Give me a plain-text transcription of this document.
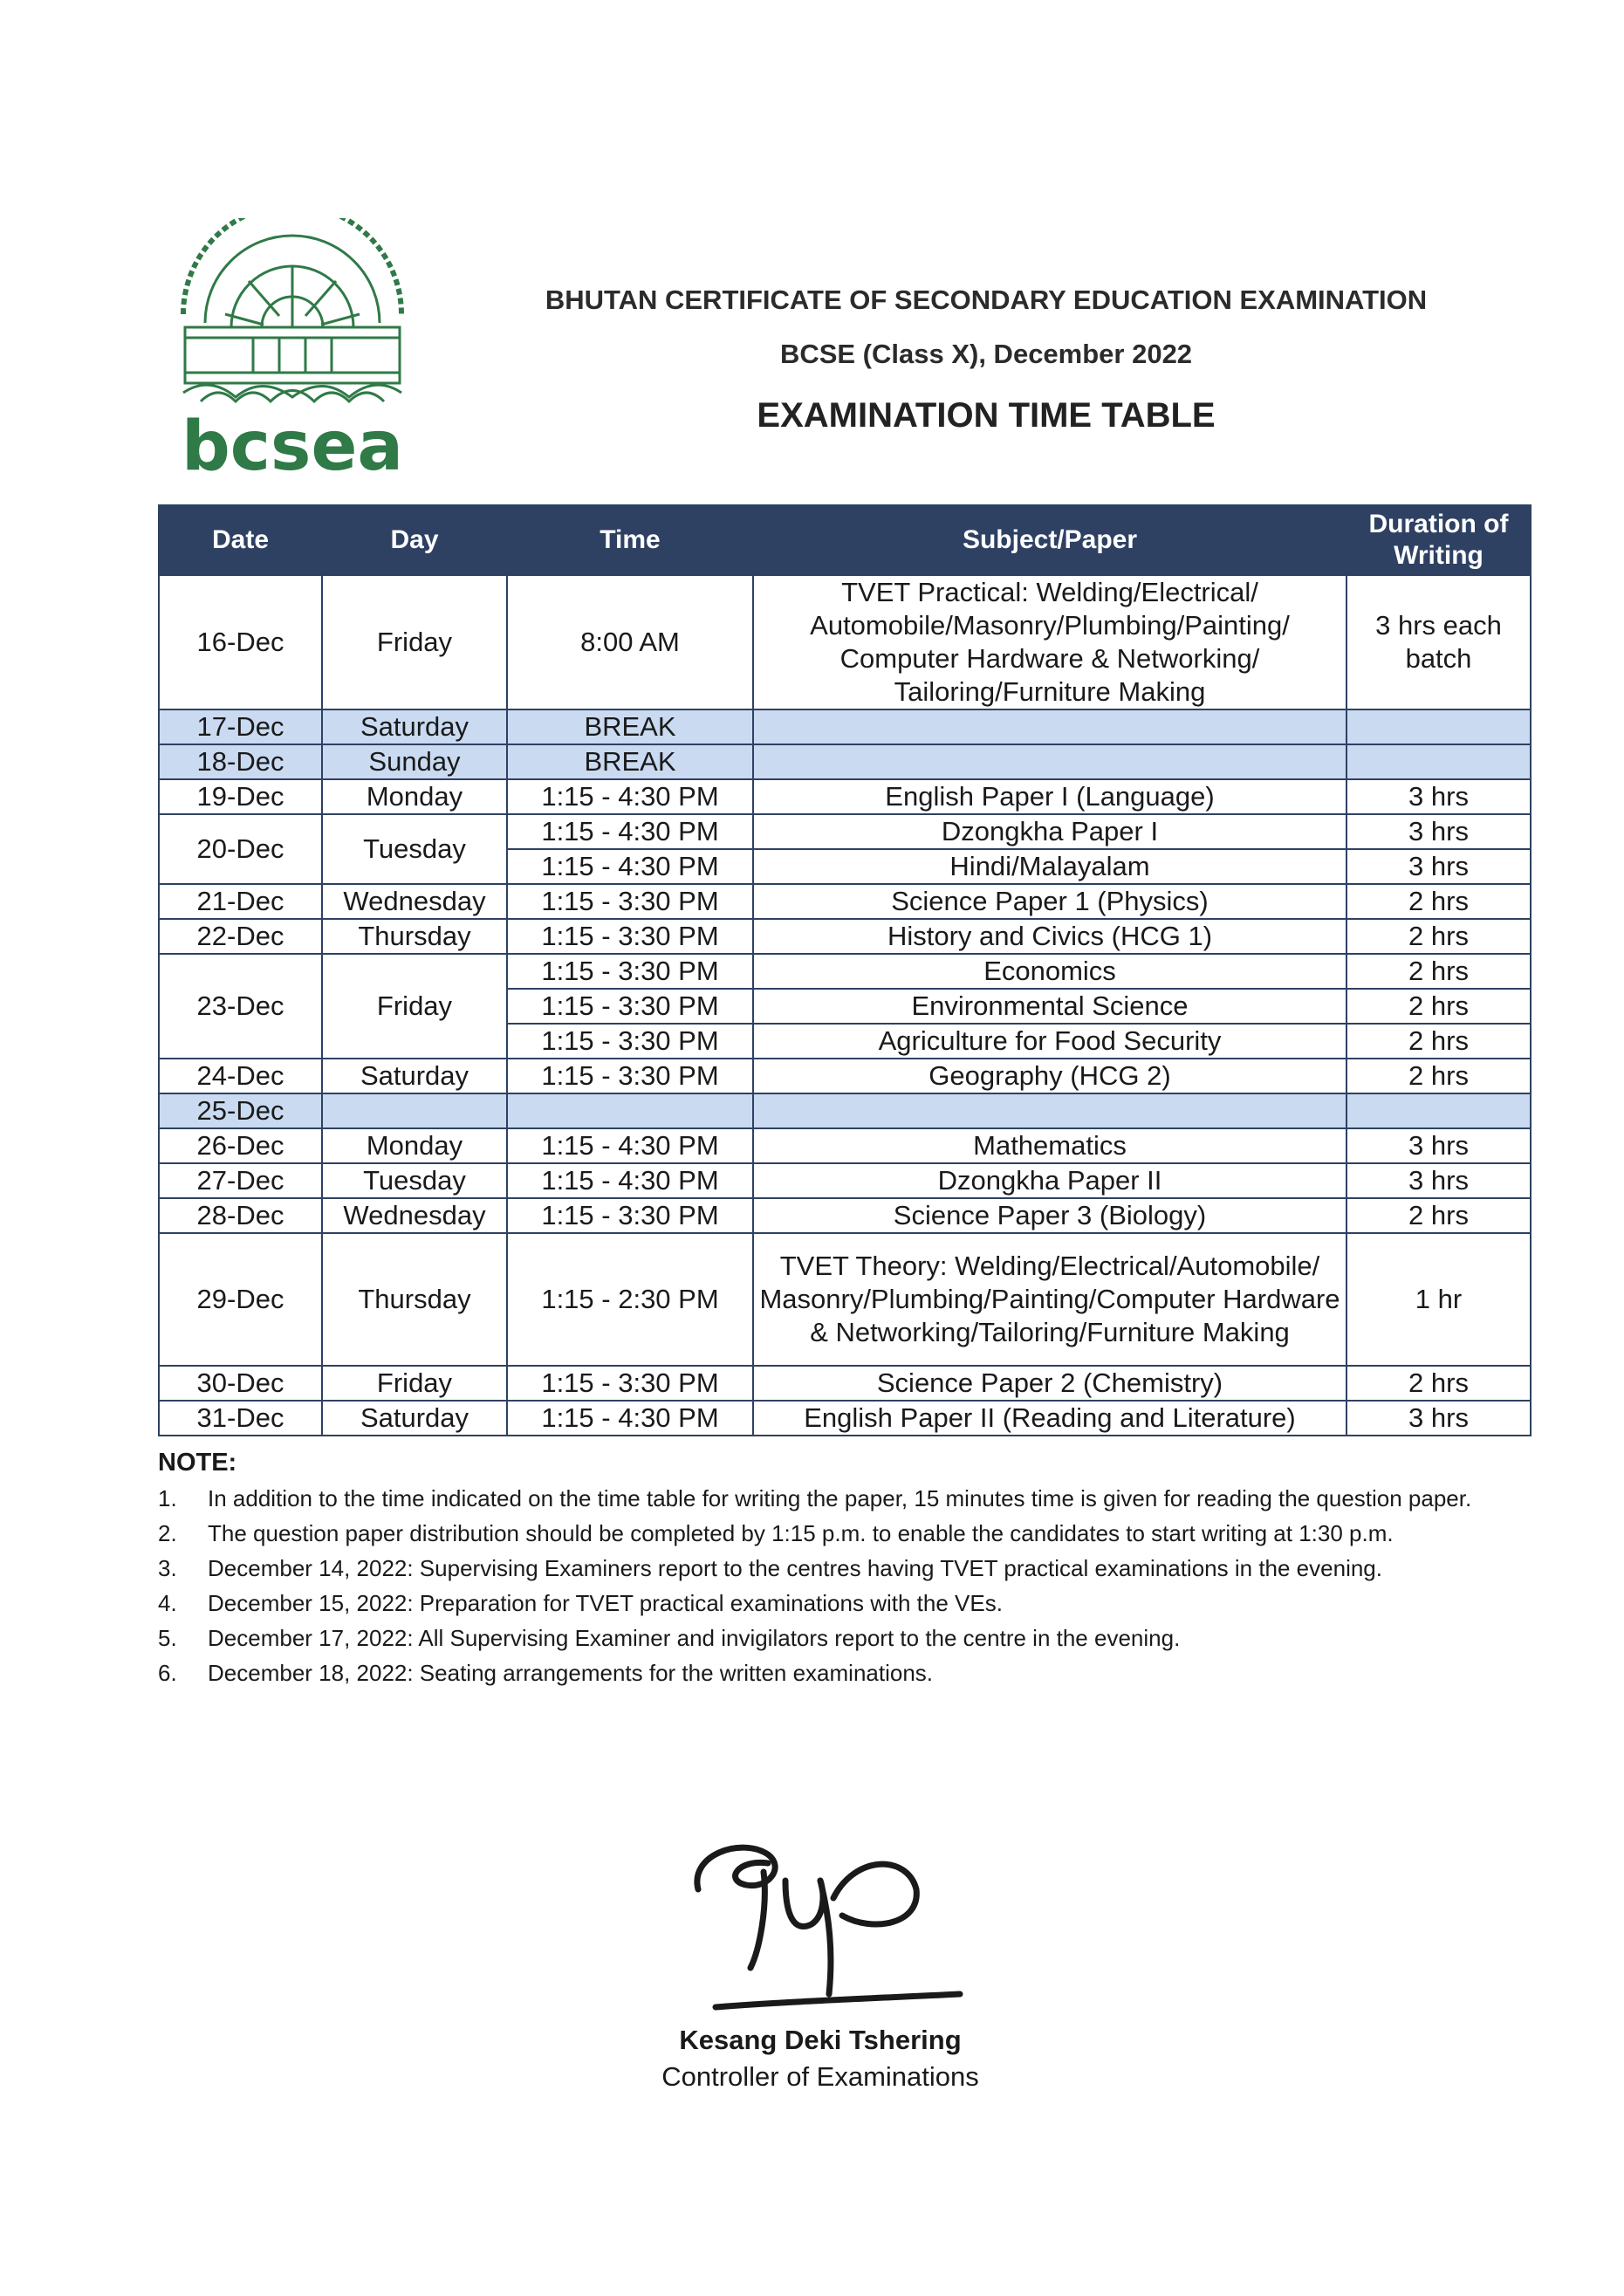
bcsea
BHUTAN CERTIFICATE OF SECONDARY EDUCATION EXAMINATION
BCSE (Class X), December 2022
EXAMINATION TIME TABLE
Date	Day	Time	Subject/Paper	Duration of Writing
16-Dec	Friday	8:00 AM	TVET Practical: Welding/Electrical/ Automobile/Masonry/Plumbing/Painting/ Computer Hardware & Networking/ Tailoring/Furniture Making	3 hrs each batch
17-Dec	Saturday	BREAK		
18-Dec	Sunday	BREAK		
19-Dec	Monday	1:15 - 4:30 PM	English Paper I (Language)	3 hrs
20-Dec	Tuesday	1:15 - 4:30 PM	Dzongkha Paper I	3 hrs
		1:15 - 4:30 PM	Hindi/Malayalam	3 hrs
21-Dec	Wednesday	1:15 - 3:30 PM	Science Paper 1 (Physics)	2 hrs
22-Dec	Thursday	1:15 - 3:30 PM	History and Civics (HCG 1)	2 hrs
23-Dec	Friday	1:15 - 3:30 PM	Economics	2 hrs
		1:15 - 3:30 PM	Environmental Science	2 hrs
		1:15 - 3:30 PM	Agriculture for Food Security	2 hrs
24-Dec	Saturday	1:15 - 3:30 PM	Geography (HCG 2)	2 hrs
25-Dec				
26-Dec	Monday	1:15 - 4:30 PM	Mathematics	3 hrs
27-Dec	Tuesday	1:15 - 4:30 PM	Dzongkha Paper II	3 hrs
28-Dec	Wednesday	1:15 - 3:30 PM	Science Paper 3 (Biology)	2 hrs
29-Dec	Thursday	1:15 - 2:30 PM	TVET Theory: Welding/Electrical/Automobile/ Masonry/Plumbing/Painting/Computer Hardware & Networking/Tailoring/Furniture Making	1 hr
30-Dec	Friday	1:15 - 3:30 PM	Science Paper 2 (Chemistry)	2 hrs
31-Dec	Saturday	1:15 - 4:30 PM	English Paper II (Reading and Literature)	3 hrs
NOTE:
1. In addition to the time indicated on the time table for writing the paper, 15 minutes time is given for reading the question paper.
2. The question paper distribution should be completed by 1:15 p.m. to enable the candidates to start writing at 1:30 p.m.
3. December 14, 2022: Supervising Examiners report to the centres having TVET practical examinations in the evening.
4. December 15, 2022: Preparation for TVET practical examinations with the VEs.
5. December 17, 2022: All Supervising Examiner and invigilators report to the centre in the evening.
6. December 18, 2022: Seating arrangements for the written examinations.
Kesang Deki Tshering
Controller of Examinations
